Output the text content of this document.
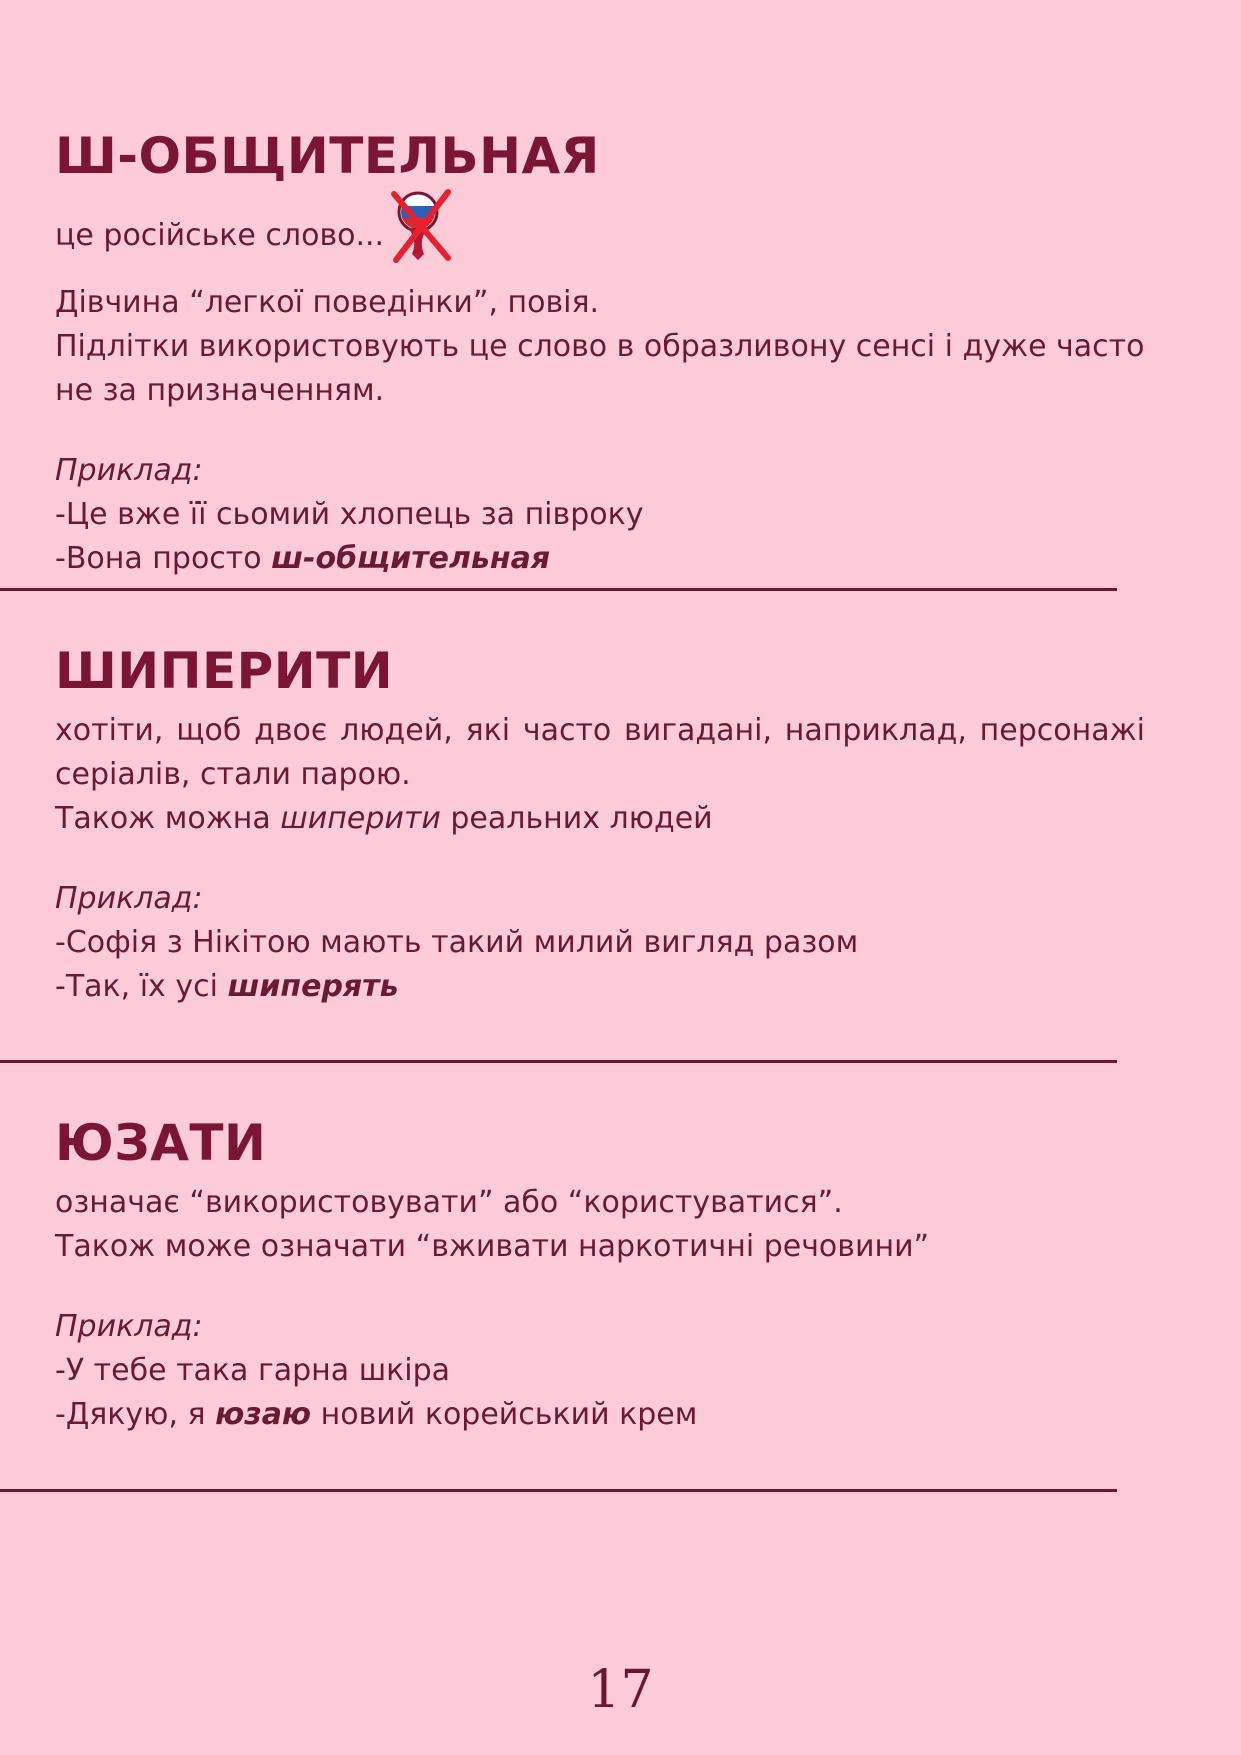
Ш-ОБЩИТЕЛЬНАЯ
це російське слово...
Дівчина “легкої поведінки”, повія.
Підлітки використовують це слово в образливону сенсі і дуже часто
не за призначенням.
Приклад:
-Це вже її сьомий хлопець за півроку
-Вона просто ш-общительная
ШИПЕРИТИ
хотіти, щоб двоє людей, які часто вигадані, наприклад, персонажі серіалів, стали парою.
Також можна шиперити реальних людей
Приклад:
-Софія з Нікітою мають такий милий вигляд разом
-Так, їх усі шиперять
ЮЗАТИ
означає “використовувати” або “користуватися”.
Також може означати “вживати наркотичні речовини”
Приклад:
-У тебе така гарна шкіра
-Дякую, я юзаю новий корейський крем
17
